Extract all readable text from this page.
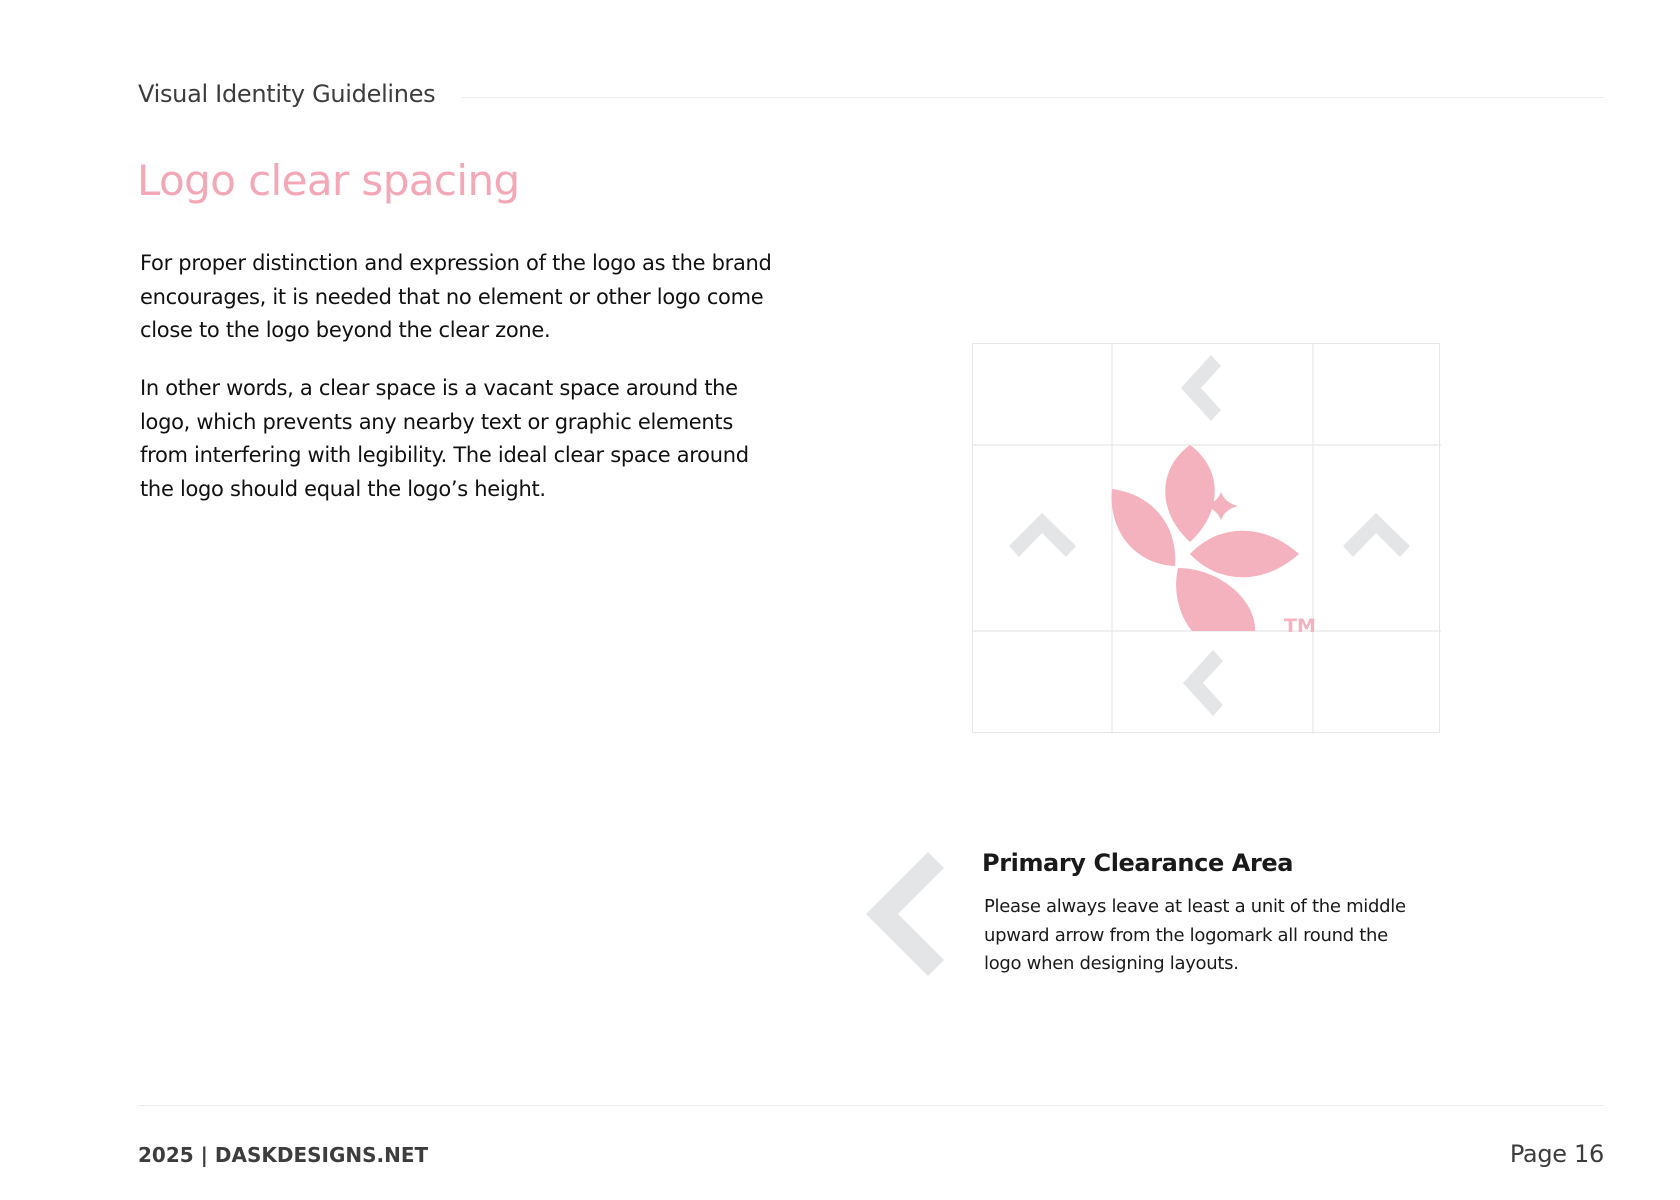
Visual Identity Guidelines
Logo clear spacing

For proper distinction and expression of the logo as the brand encourages, it is needed that no element or other logo come close to the logo beyond the clear zone.

In other words, a clear space is a vacant space around the logo, which prevents any nearby text or graphic elements from interfering with legibility. The ideal clear space around the logo should equal the logo’s height.

TM
Primary Clearance Area

Please always leave at least a unit of the middle upward arrow from the logomark all round the logo when designing layouts.

2025 | DASKDESIGNS.NET	Page 16
